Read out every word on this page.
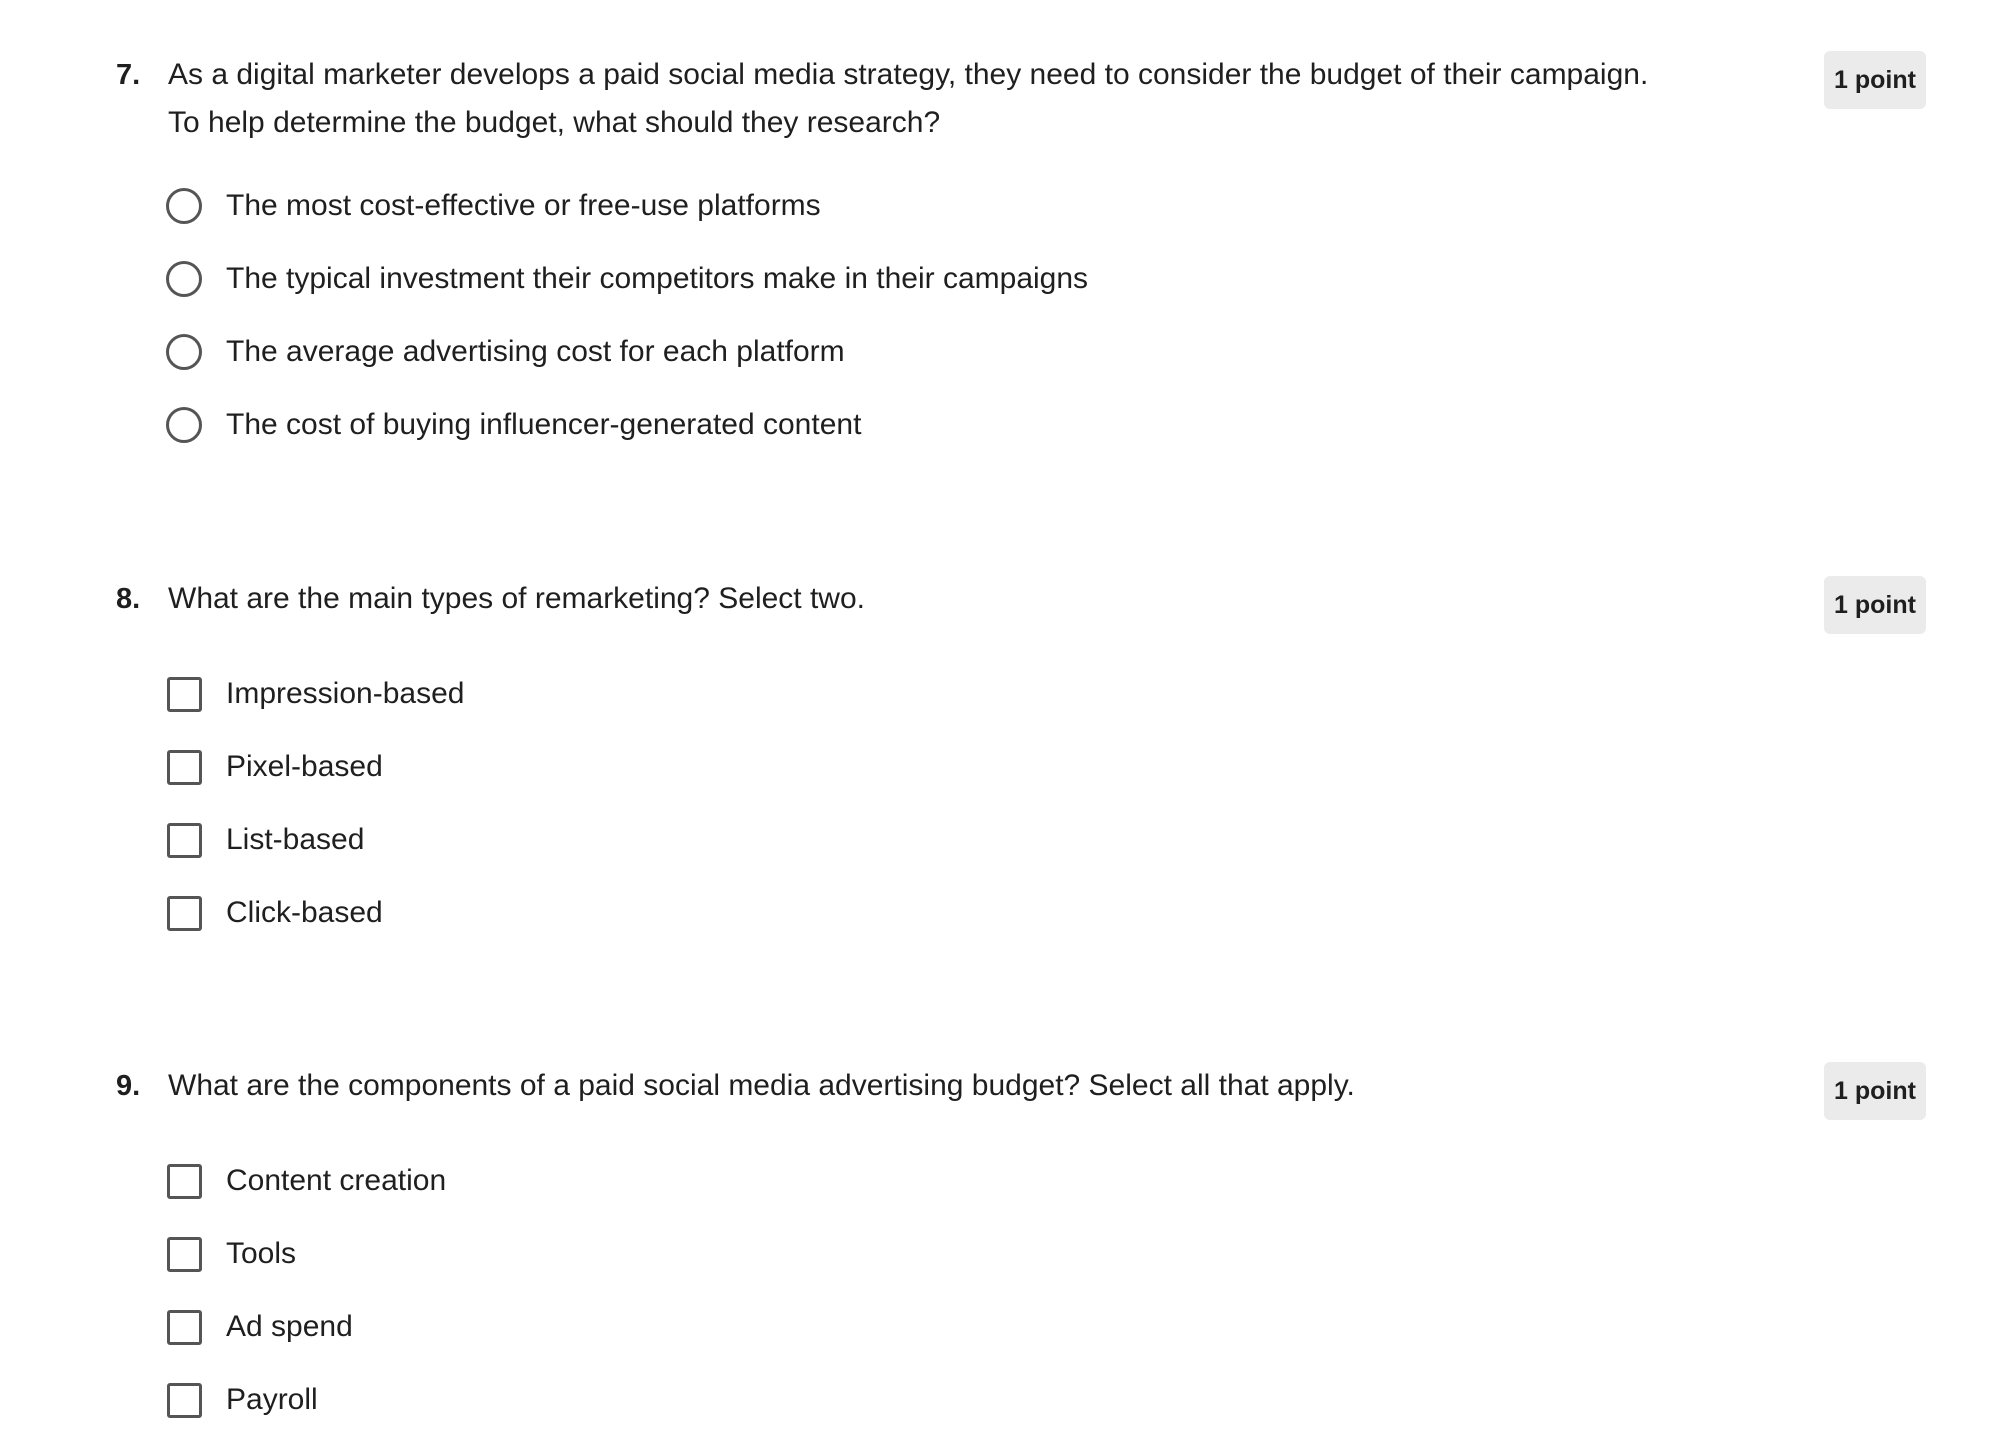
7. As a digital marketer develops a paid social media strategy, they need to consider the budget of their campaign.
To help determine the budget, what should they research?
1 point
The most cost-effective or free-use platforms
The typical investment their competitors make in their campaigns
The average advertising cost for each platform
The cost of buying influencer-generated content
8. What are the main types of remarketing? Select two.	1 point
Impression-based
Pixel-based
List-based
Click-based
9. What are the components of a paid social media advertising budget? Select all that apply.	1 point
Content creation
Tools
Ad spend
Payroll
